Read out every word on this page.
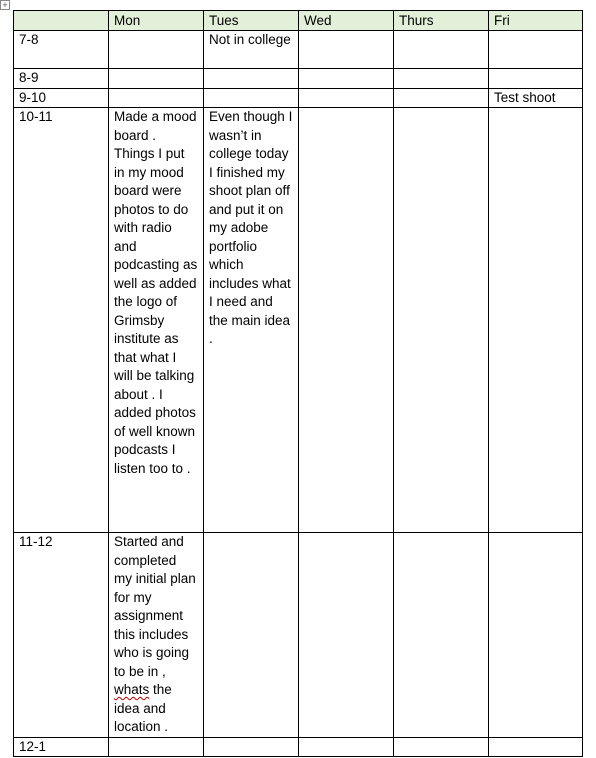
+
	Mon	Tues	Wed	Thurs	Fri
7-8		Not in college			
8-9					
9-10					Test shoot
10-11	Made a mood board . Things I put in my mood board were photos to do with radio and podcasting as well as added the logo of Grimsby institute as that what I will be talking about . I added photos of well known podcasts I listen too to .	Even though I wasn’t in college today I finished my shoot plan off and put it on my adobe portfolio which includes what I need and the main idea .			
11-12	Started and completed my initial plan for my assignment this includes who is going to be in ,
whats the idea and location .				
12-1					
